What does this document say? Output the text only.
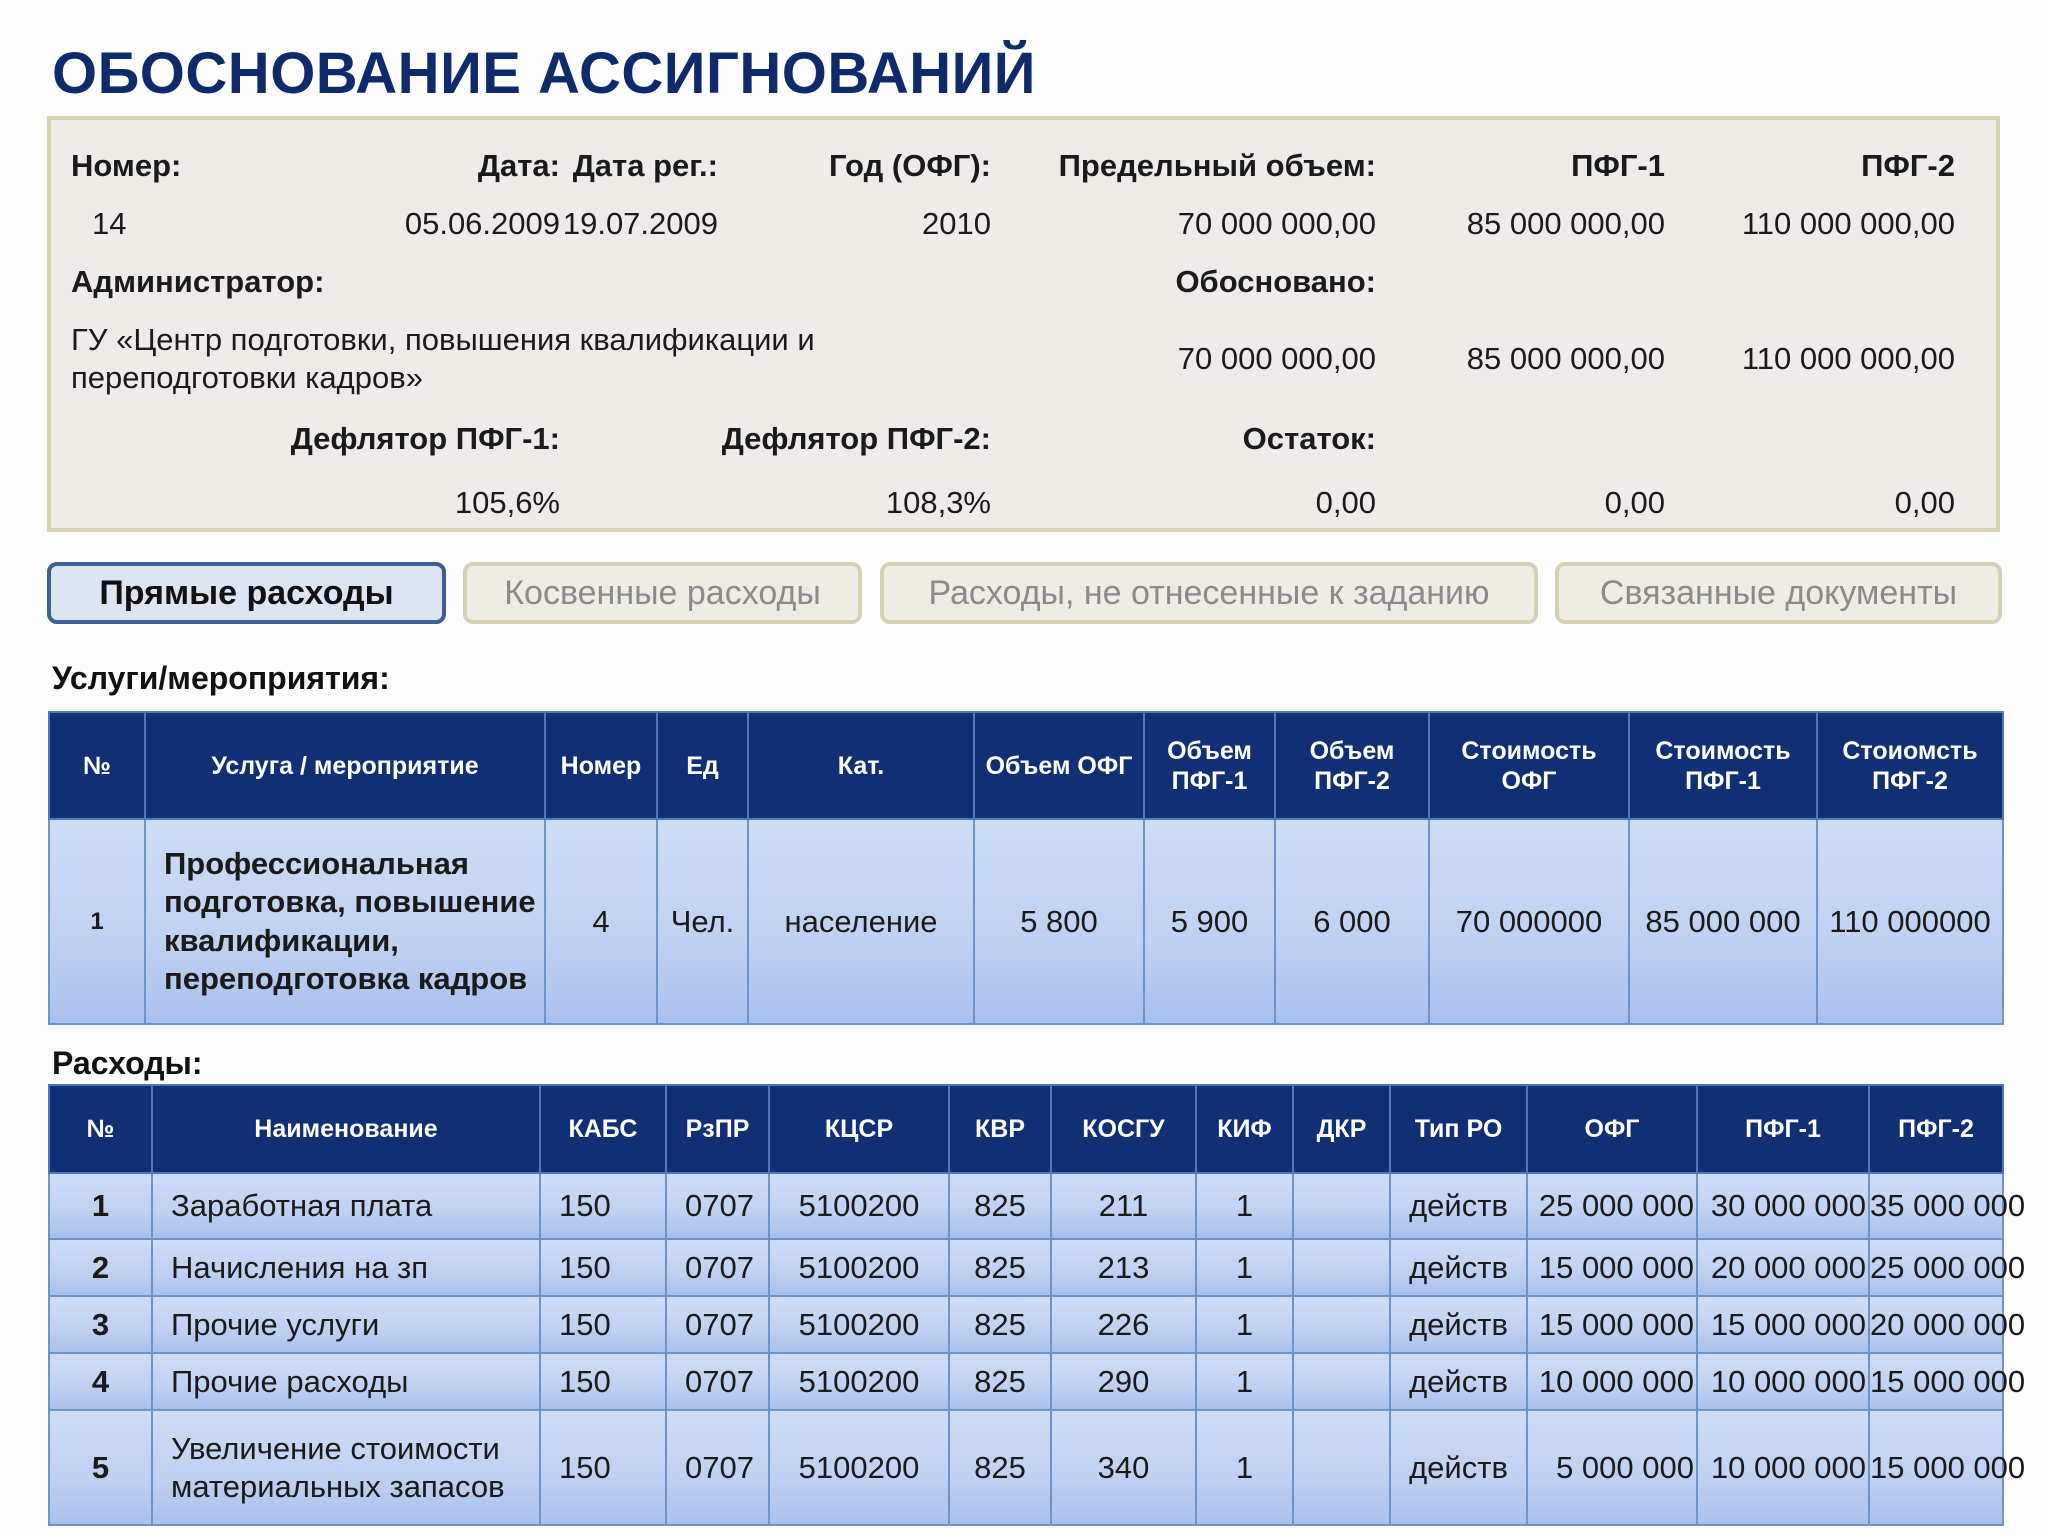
ОБОСНОВАНИЕ АССИГНОВАНИЙ
Номер:	Дата: Дата рег.:	Год (ОФГ): Предельный объем:	ПФГ-1	ПФГ-2
14	05.06.2009 19.07.2009	2010	70 000 000,00	85 000 000,00 110 000 000,00
Администратор:	Обосновано:
ГУ «Центр подготовки, повышения квалификации и
переподготовки кадров»
70 000 000,00	85 000 000,00 110 000 000,00
Дефлятор ПФГ-1:	Дефлятор ПФГ-2:	Остаток:
105,6%	108,3%	0,00	0,00	0,00
Прямые расходы	Косвенные расходы	Расходы, не отнесенные к заданию	Связанные документы
Услуги/мероприятия:
№	Услуга / мероприятие	Номер	Ед	Кат.	Объем ОФГ	Объем ПФГ-1	Объем ПФГ-2	Стоимость ОФГ	Стоимость ПФГ-1	Стоиомсть ПФГ-2
1	Профессиональная подготовка, повышение квалификации, переподготовка кадров	4	Чел.	население	5 800	5 900	6 000	70 000000	85 000 000	110 000000
Расходы:
№	Наименование	КАБС	РзПР	КЦСР	КВР	КОСГУ	КИФ	ДКР	Тип РО	ОФГ	ПФГ-1	ПФГ-2
1	Заработная плата	150	0707	5100200	825	211	1		действ	25 000 000	30 000 000	35 000 000
2	Начисления на зп	150	0707	5100200	825	213	1		действ	15 000 000	20 000 000	25 000 000
3	Прочие услуги	150	0707	5100200	825	226	1		действ	15 000 000	15 000 000	20 000 000
4	Прочие расходы	150	0707	5100200	825	290	1		действ	10 000 000	10 000 000	15 000 000
5	Увеличение стоимости материальных запасов	150	0707	5100200	825	340	1		действ	5 000 000	10 000 000	15 000 000
